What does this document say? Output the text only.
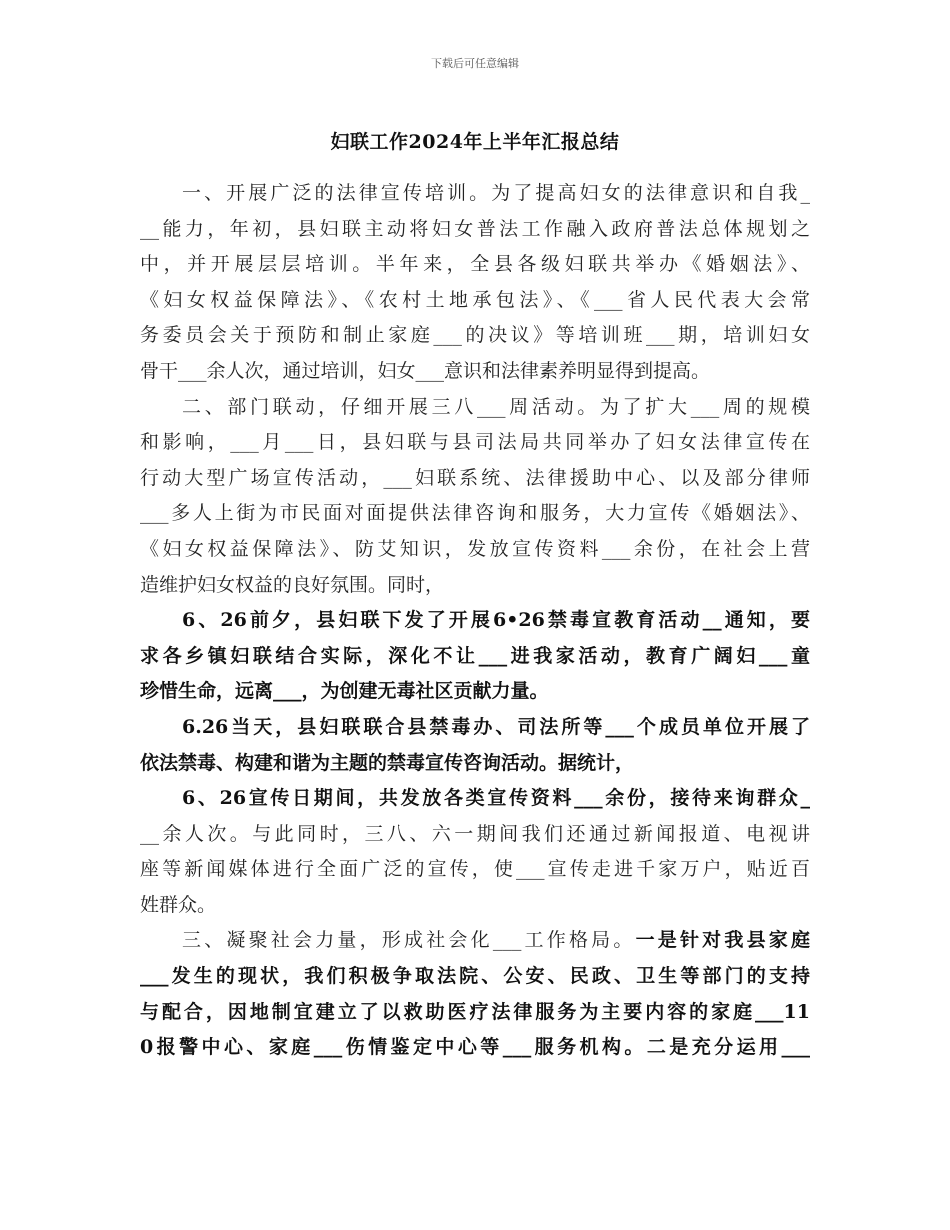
下载后可任意编辑
妇联工作2024年上半年汇报总结
一、开展广泛的法律宣传培训。为了提高妇女的法律意识和自我_
__能力，年初，县妇联主动将妇女普法工作融入政府普法总体规划之
中，并开展层层培训。半年来，全县各级妇联共举办《婚姻法》、
《妇女权益保障法》、《农村土地承包法》、《___省人民代表大会常
务委员会关于预防和制止家庭___的决议》等培训班___期，培训妇女
骨干___余人次，通过培训，妇女___意识和法律素养明显得到提高。
二、部门联动，仔细开展三八___周活动。为了扩大___周的规模
和影响，___月___日，县妇联与县司法局共同举办了妇女法律宣传在
行动大型广场宣传活动，___妇联系统、法律援助中心、以及部分律师
___多人上街为市民面对面提供法律咨询和服务，大力宣传《婚姻法》、
《妇女权益保障法》、防艾知识，发放宣传资料___余份，在社会上营
造维护妇女权益的良好氛围。同时，
6、26前夕，县妇联下发了开展6•26禁毒宣教育活动__通知，要
求各乡镇妇联结合实际，深化不让___进我家活动，教育广阔妇___童
珍惜生命，远离___，为创建无毒社区贡献力量。
6.26当天，县妇联联合县禁毒办、司法所等___个成员单位开展了
依法禁毒、构建和谐为主题的禁毒宣传咨询活动。据统计，
6、26宣传日期间，共发放各类宣传资料___余份，接待来询群众_
__余人次。与此同时，三八、六一期间我们还通过新闻报道、电视讲
座等新闻媒体进行全面广泛的宣传，使___宣传走进千家万户，贴近百
姓群众。
三、凝聚社会力量，形成社会化___工作格局。一是针对我县家庭
___发生的现状，我们积极争取法院、公安、民政、卫生等部门的支持
与配合，因地制宜建立了以救助医疗法律服务为主要内容的家庭___11
0报警中心、家庭___伤情鉴定中心等___服务机构。二是充分运用___
